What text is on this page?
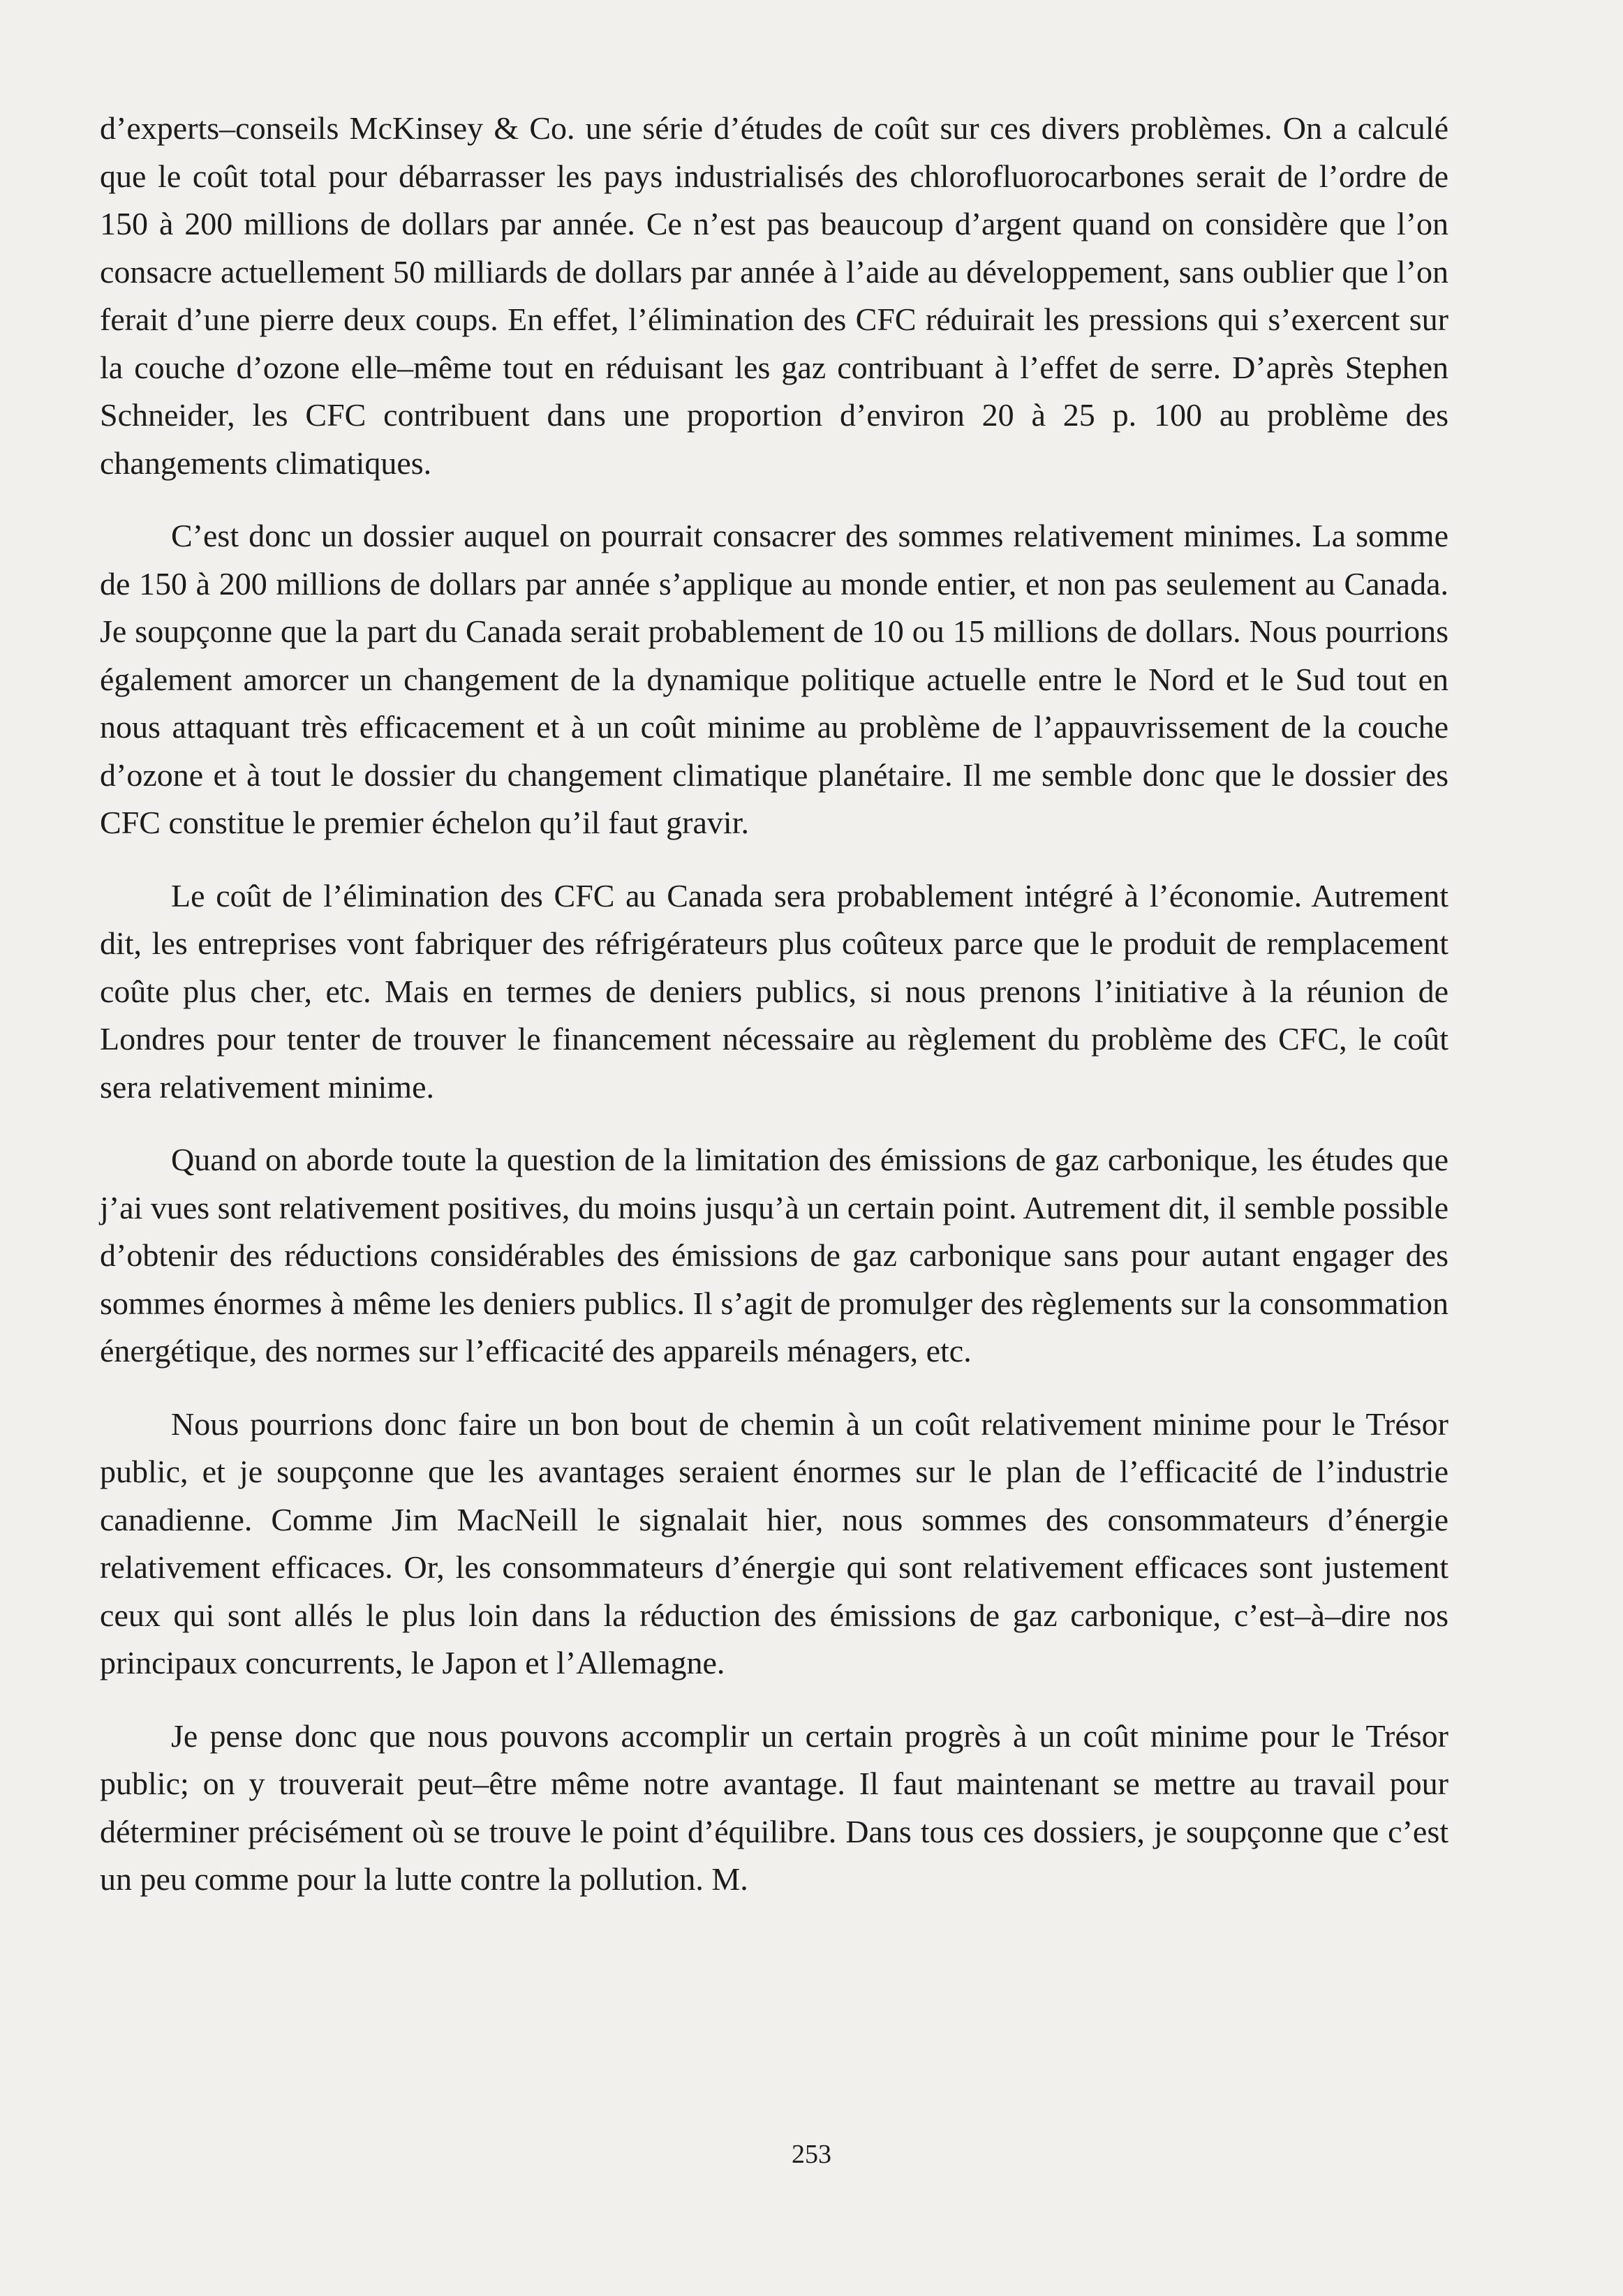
d’experts–conseils McKinsey & Co. une série d’études de coût sur ces divers problèmes. On a calculé que le coût total pour débarrasser les pays industrialisés des chlorofluorocarbones serait de l’ordre de 150 à 200 millions de dollars par année. Ce n’est pas beaucoup d’argent quand on considère que l’on consacre actuellement 50 milliards de dollars par année à l’aide au développement, sans oublier que l’on ferait d’une pierre deux coups. En effet, l’élimination des CFC réduirait les pressions qui s’exercent sur la couche d’ozone elle–même tout en réduisant les gaz contribuant à l’effet de serre. D’après Stephen Schneider, les CFC contribuent dans une proportion d’environ 20 à 25 p. 100 au problème des changements climatiques.

C’est donc un dossier auquel on pourrait consacrer des sommes relativement minimes. La somme de 150 à 200 millions de dollars par année s’applique au monde entier, et non pas seulement au Canada. Je soupçonne que la part du Canada serait probablement de 10 ou 15 millions de dollars. Nous pourrions également amorcer un changement de la dynamique politique actuelle entre le Nord et le Sud tout en nous attaquant très efficacement et à un coût minime au problème de l’appauvrissement de la couche d’ozone et à tout le dossier du changement climatique planétaire. Il me semble donc que le dossier des CFC constitue le premier échelon qu’il faut gravir.

Le coût de l’élimination des CFC au Canada sera probablement intégré à l’économie. Autrement dit, les entreprises vont fabriquer des réfrigérateurs plus coûteux parce que le produit de remplacement coûte plus cher, etc. Mais en termes de deniers publics, si nous prenons l’initiative à la réunion de Londres pour tenter de trouver le financement nécessaire au règlement du problème des CFC, le coût sera relativement minime.

Quand on aborde toute la question de la limitation des émissions de gaz carbonique, les études que j’ai vues sont relativement positives, du moins jusqu’à un certain point. Autrement dit, il semble possible d’obtenir des réductions considérables des émissions de gaz carbonique sans pour autant engager des sommes énormes à même les deniers publics. Il s’agit de promulger des règlements sur la consommation énergétique, des normes sur l’efficacité des appareils ménagers, etc.

Nous pourrions donc faire un bon bout de chemin à un coût relativement minime pour le Trésor public, et je soupçonne que les avantages seraient énormes sur le plan de l’efficacité de l’industrie canadienne. Comme Jim MacNeill le signalait hier, nous sommes des consommateurs d’énergie relativement efficaces. Or, les consommateurs d’énergie qui sont relativement efficaces sont justement ceux qui sont allés le plus loin dans la réduction des émissions de gaz carbonique, c’est–à–dire nos principaux concurrents, le Japon et l’Allemagne.

Je pense donc que nous pouvons accomplir un certain progrès à un coût minime pour le Trésor public; on y trouverait peut–être même notre avantage. Il faut maintenant se mettre au travail pour déterminer précisément où se trouve le point d’équilibre. Dans tous ces dossiers, je soupçonne que c’est un peu comme pour la lutte contre la pollution. M.

253
